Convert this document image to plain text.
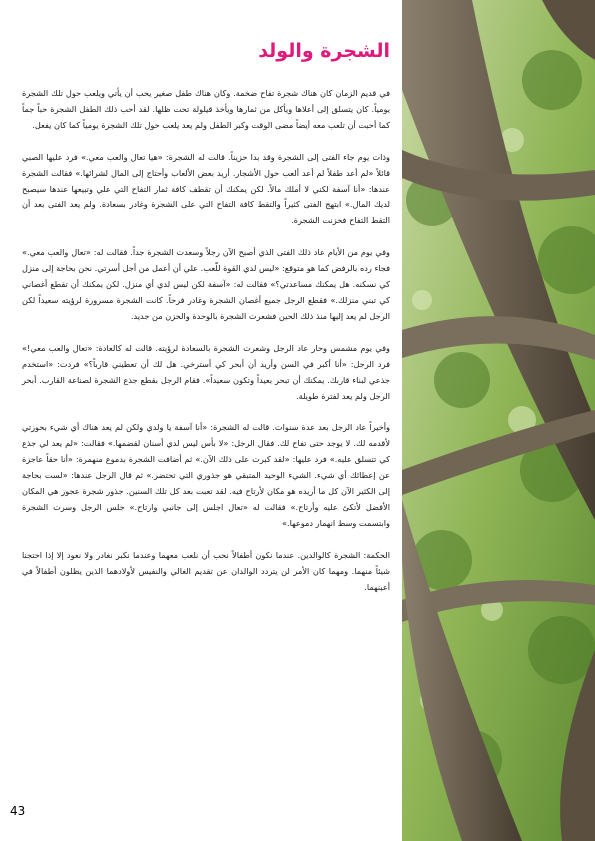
الشجرة والولد

في قديم الزمان كان هناك شجرة تفاح ضخمة. وكان هناك طفل صغير يحب أن يأتي ويلعب حول تلك الشجرة يومياً. كان يتسلق إلى أعلاها ويأكل من ثمارها ويأخذ قيلولة تحت ظلها. لقد أحب ذلك الطفل الشجرة حباً جماً كما أحبت أن تلعب معه أيضاً مضى الوقت وكبر الطفل ولم يعد يلعب حول تلك الشجرة يومياً كما كان يفعل.

وذات يوم جاء الفتى إلى الشجرة وقد بدا حزيناً. قالت له الشجرة: «هيا تعال والعب معي.» فرد عليها الصبي قائلاً «لم أعد طفلاً لم أعد ألعب حول الأشجار. أريد بعض الألعاب وأحتاج إلى المال لشرائها.» فقالت الشجرة عندها: «أنا آسفة لكني لا أملك مالاً. لكن يمكنك أن تقطف كافة ثمار التفاح التي علي وتبيعها عندها سيصبح لديك المال.» ابتهج الفتى كثيراً والتقط كافة التفاح التي على الشجرة وغادر بسعادة. ولم يعد الفتى بعد أن التقط التفاح فحزنت الشجرة.

وفي يوم من الأيام عاد ذلك الفتى الذي أصبح الآن رجلاً وسعدت الشجرة جداً. فقالت له: «تعال والعب معي.» فجاء رده بالرفض كما هو متوقع: «ليس لدي القوة للّعب. علي أن أعمل من أجل أسرتي. نحن بحاجة إلى منزل كي نسكنه. هل يمكنك مساعدتي؟» فقالت له: «آسفة لكن ليس لدي أي منزل. لكن يمكنك أن تقطع أغصاني كي تبني منزلك.» فقطع الرجل جميع أغصان الشجرة وغادر فرحاً. كانت الشجرة مسرورة لرؤيته سعيداً لكن الرجل لم يعد إليها منذ ذلك الحين فشعرت الشجرة بالوحدة والحزن من جديد.

وفي يوم مشمس وحار عاد الرجل وشعرت الشجرة بالسعادة لرؤيته. قالت له كالعادة: «تعال والعب معي!» فرد الرجل: «أنا أكبر في السن وأريد أن أبحر كي أسترخي. هل لك أن تعطيني قارباً؟» فردت: «استخدم جذعي لبناء قاربك. يمكنك أن تبحر بعيداً وتكون سعيداً». فقام الرجل بقطع جذع الشجرة لصناعة القارب. أبحر الرجل ولم يعد لفترة طويلة.

وأخيراً عاد الرجل بعد عدة سنوات. قالت له الشجرة: «أنا آسفة يا ولدي ولكن لم يعد هناك أي شيء بحوزتي لأقدمه لك. لا يوجد حتى تفاح لك. فقال الرجل: «لا بأس ليس لدي أسنان لقضمها.» فقالت: «لم يعد لي جذع كي تتسلق عليه.» فرد عليها: «لقد كبرت على ذلك الآن.» ثم أضافت الشجرة بدموع منهمرة: «أنا حقاً عاجزة عن إعطائك أي شيء. الشيء الوحيد المتبقي هو جذوري التي تحتضر.» ثم قال الرجل عندها: «لست بحاجة إلى الكثير الآن كل ما أريده هو مكان لأرتاح فيه. لقد تعبت بعد كل تلك السنين. جذور شجرة عجوز هي المكان الأفضل لأتكئ عليه وأرتاح.» فقالت له «تعال اجلس إلى جانبي وارتاح.» جلس الرجل وسرت الشجرة وابتسمت وسط انهمار دموعها.»

الحكمة: الشجرة كالوالدين. عندما نكون أطفالاً نحب أن نلعب معهما وعندما نكبر نغادر ولا نعود إلا إذا احتجنا شيئاً منهما. ومهما كان الأمر لن يتردد الوالدان عن تقديم الغالي والنفيس لأولادهما الذين يظلون أطفالاً في أعينهما.

43
